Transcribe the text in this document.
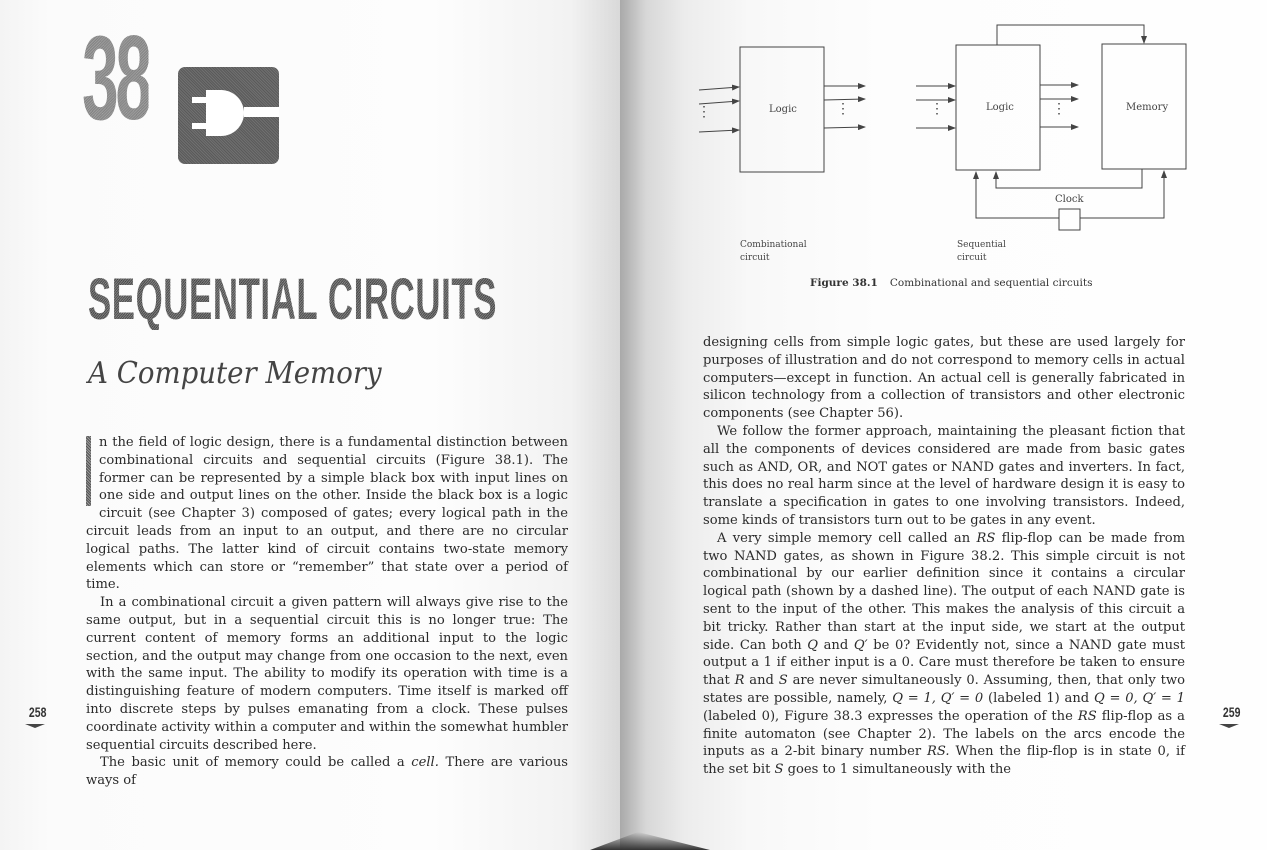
38
SEQUENTIAL CIRCUITS
A Computer Memory

n the field of logic design, there is a fundamental distinction between combinational circuits and sequential circuits (Figure 38.1). The former can be represented by a simple black box with input lines on one side and output lines on the other. Inside the black box is a logic circuit (see Chapter 3) composed of gates; every logical path in the circuit leads from an input to an output, and there are no circular logical paths. The latter kind of circuit contains two-state memory elements which can store or “remember” that state over a period of time.

In a combinational circuit a given pattern will always give rise to the same output, but in a sequential circuit this is no longer true: The current content of memory forms an additional input to the logic section, and the output may change from one occasion to the next, even with the same input. The ability to modify its operation with time is a distinguishing feature of modern computers. Time itself is marked off into discrete steps by pulses emanating from a clock. These pulses coordinate activity within a computer and within the somewhat humbler sequential circuits described here.

The basic unit of memory could be called a cell. There are various ways of

258
Logic
⋮	⋮	⋮	⋮
Logic	Memory
Clock
Combinational
circuit
Sequential
circuit
Figure 38.1 Combinational and sequential circuits

designing cells from simple logic gates, but these are used largely for purposes of illustration and do not correspond to memory cells in actual computers—except in function. An actual cell is generally fabricated in silicon technology from a collection of transistors and other electronic components (see Chapter 56).

We follow the former approach, maintaining the pleasant fiction that all the components of devices considered are made from basic gates such as AND, OR, and NOT gates or NAND gates and inverters. In fact, this does no real harm since at the level of hardware design it is easy to translate a specification in gates to one involving transistors. Indeed, some kinds of transistors turn out to be gates in any event.

A very simple memory cell called an RS flip-flop can be made from two NAND gates, as shown in Figure 38.2. This simple circuit is not combinational by our earlier definition since it contains a circular logical path (shown by a dashed line). The output of each NAND gate is sent to the input of the other. This makes the analysis of this circuit a bit tricky. Rather than start at the input side, we start at the output side. Can both Q and Q′ be 0? Evidently not, since a NAND gate must output a 1 if either input is a 0. Care must therefore be taken to ensure that R and S are never simultaneously 0. Assuming, then, that only two states are possible, namely, Q = 1, Q′ = 0 (labeled 1) and Q = 0, Q′ = 1 (labeled 0), Figure 38.3 expresses the operation of the RS flip-flop as a finite automaton (see Chapter 2). The labels on the arcs encode the inputs as a 2-bit binary number RS. When the flip-flop is in state 0, if the set bit S goes to 1 simultaneously with the

259
